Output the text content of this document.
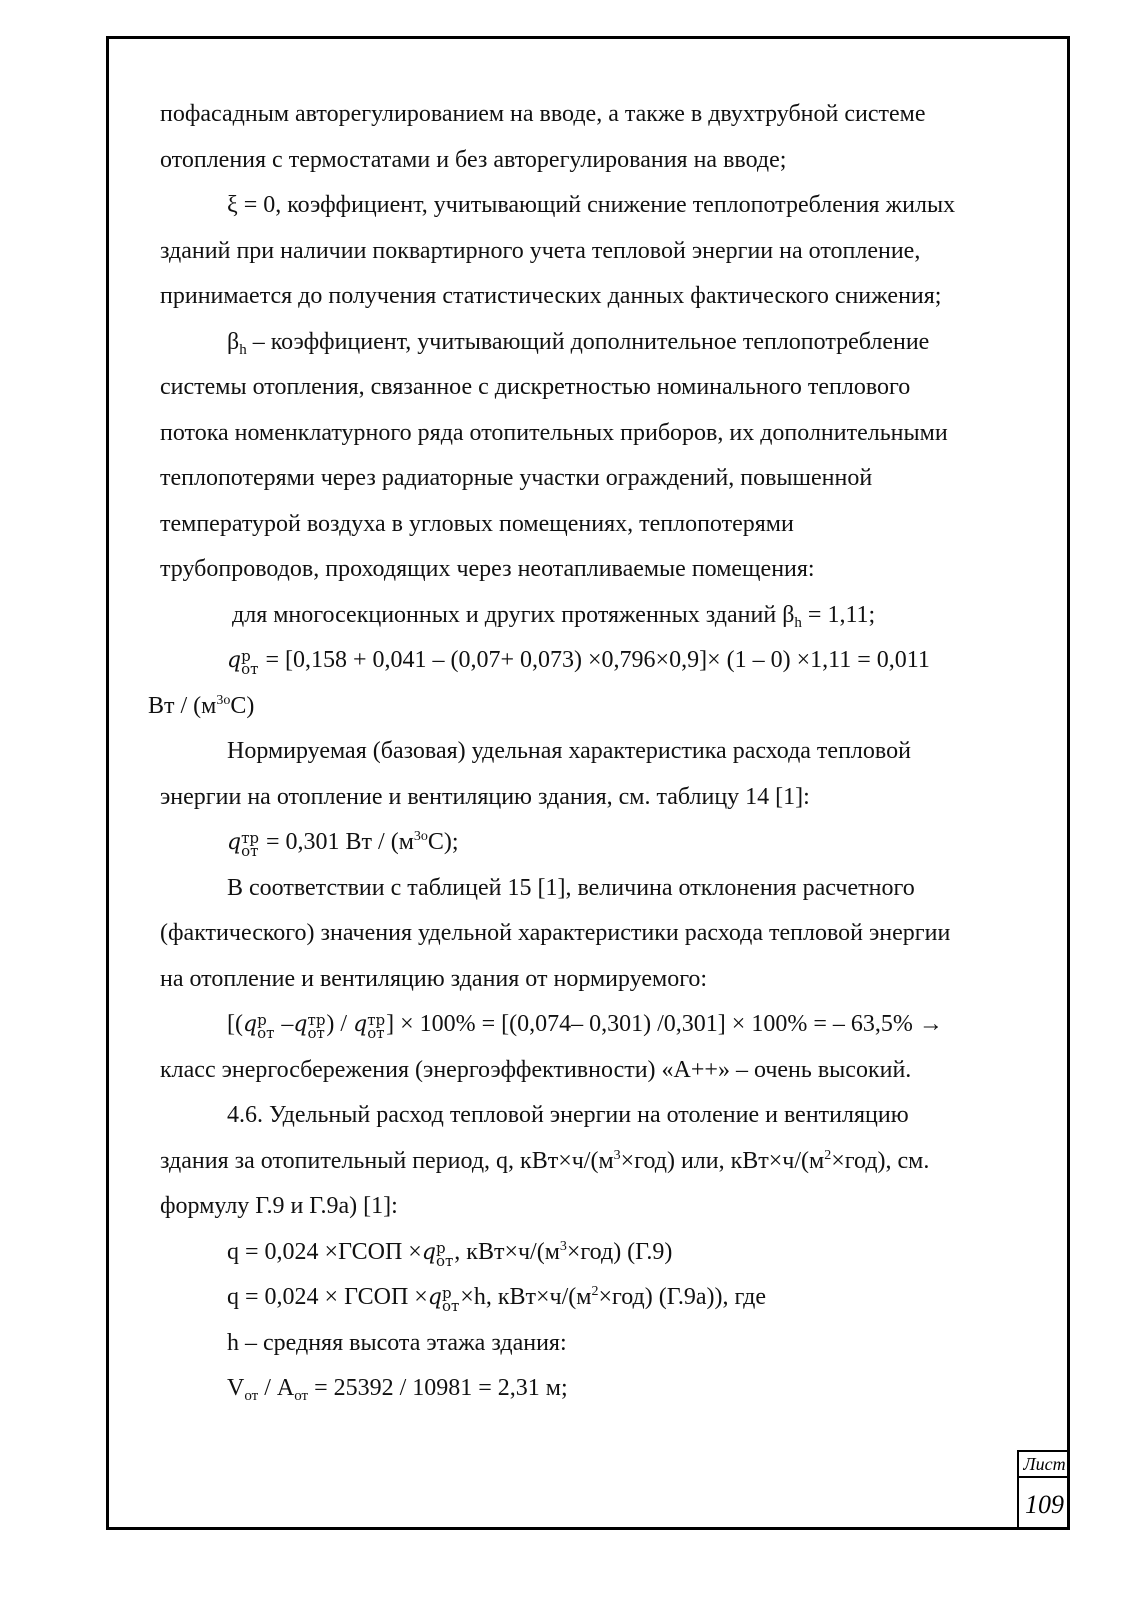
пофасадным авторегулированием на вводе, а также в двухтрубной системе
отопления с термостатами и без авторегулирования на вводе;
ξ = 0, коэффициент, учитывающий снижение теплопотребления жилых
зданий при наличии поквартирного учета тепловой энергии на отопление,
принимается до получения статистических данных фактического снижения;
$\beta_h$ – коэффициент, учитывающий дополнительное теплопотребление
системы отопления, связанное с дискретностью номинального теплового
потока номенклатурного ряда отопительных приборов, их дополнительными
теплопотерями через радиаторные участки ограждений, повышенной
температурой воздуха в угловых помещениях, теплопотерями
трубопроводов, проходящих через неотапливаемые помещения:
для многосекционных и других протяженных зданий $\beta_h = 1,11$;
q р
от = [0,158 + 0,041 – (0,07+ 0,073) ×0,796×0,9]× (1 – 0) ×1,11 = 0,011
Вт / $(м^{3о}С)$
Нормируемая (базовая) удельная характеристика расхода тепловой
энергии на отопление и вентиляцию здания, см. таблицу 14 [1]:
q тр
от = 0,301 Вт / $(м^{3о}С)$;
В соответствии с таблицей 15 [1], величина отклонения расчетного
(фактического) значения удельной характеристики расхода тепловой энергии
на отопление и вентиляцию здания от нормируемого:
[(q р
от –q тр
от ) / q тр
от ] × 100% = [(0,074– 0,301) /0,301] × 100% = – 63,5% →
класс энергосбережения (энергоэффективности) «А++» – очень высокий.
4.6. Удельный расход тепловой энергии на отоление и вентиляцию
здания за отопительный период, q, $кВт\times ч/(м^3\times год)$ или, $кВт\times ч/(м^2\times год)$, см.
формулу Г.9 и Г.9а) [1]:
q = 0,024 ×ГСОП ×q р
от , $кВт\times ч/(м^3\times год)$ (Г.9)
q = 0,024 × ГСОП ×q р
от ×h, $кВт\times ч/(м^2\times год)$ (Г.9а)), где
h – средняя высота этажа здания:
$V_{от} / A_{от} = 25392 / 10981 = 2,31$ м;
Лист
109
